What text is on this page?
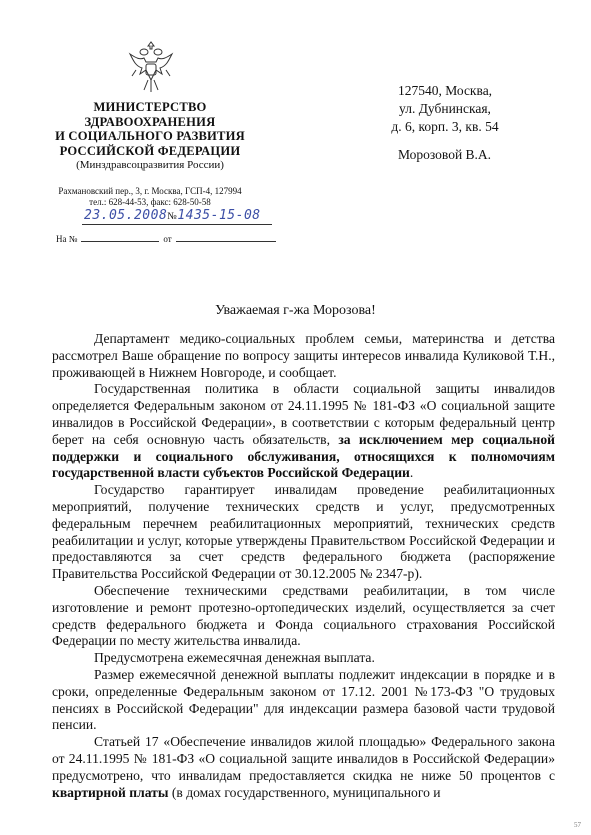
МИНИСТЕРСТВО
ЗДРАВООХРАНЕНИЯ
И СОЦИАЛЬНОГО РАЗВИТИЯ
РОССИЙСКОЙ ФЕДЕРАЦИИ
(Минздравсоцразвития России)
Рахмановский пер., 3, г. Москва, ГСП-4, 127994
тел.: 628-44-53, факс: 628-50-58
23.05.2008№1435-15-08
На №	от
127540, Москва,
ул. Дубнинская,
д. 6, корп. 3, кв. 54
Морозовой В.А.
Уважаемая г-жа Морозова!

Департамент медико-социальных проблем семьи, материнства и детства рассмотрел Ваше обращение по вопросу защиты интересов инвалида Куликовой Т.Н., проживающей в Нижнем Новгороде, и сообщает.

Государственная политика в области социальной защиты инвалидов определяется Федеральным законом от 24.11.1995 № 181-ФЗ «О социальной защите инвалидов в Российской Федерации», в соответствии с которым федеральный центр берет на себя основную часть обязательств, за исключением мер социальной поддержки и социального обслуживания, относящихся к полномочиям государственной власти субъектов Российской Федерации.

Государство гарантирует инвалидам проведение реабилитационных мероприятий, получение технических средств и услуг, предусмотренных федеральным перечнем реабилитационных мероприятий, технических средств реабилитации и услуг, которые утверждены Правительством Российской Федерации и предоставляются за счет средств федерального бюджета (распоряжение Правительства Российской Федерации от 30.12.2005 № 2347-р).

Обеспечение техническими средствами реабилитации, в том числе изготовление и ремонт протезно-ортопедических изделий, осуществляется за счет средств федерального бюджета и Фонда социального страхования Российской Федерации по месту жительства инвалида.

Предусмотрена ежемесячная денежная выплата.

Размер ежемесячной денежной выплаты подлежит индексации в порядке и в сроки, определенные Федеральным законом от 17.12. 2001 №173-ФЗ "О трудовых пенсиях в Российской Федерации" для индексации размера базовой части трудовой пенсии.

Статьей 17 «Обеспечение инвалидов жилой площадью» Федерального закона от 24.11.1995 № 181-ФЗ «О социальной защите инвалидов в Российской Федерации» предусмотрено, что инвалидам предоставляется скидка не ниже 50 процентов с квартирной платы (в домах государственного, муниципального и

57
